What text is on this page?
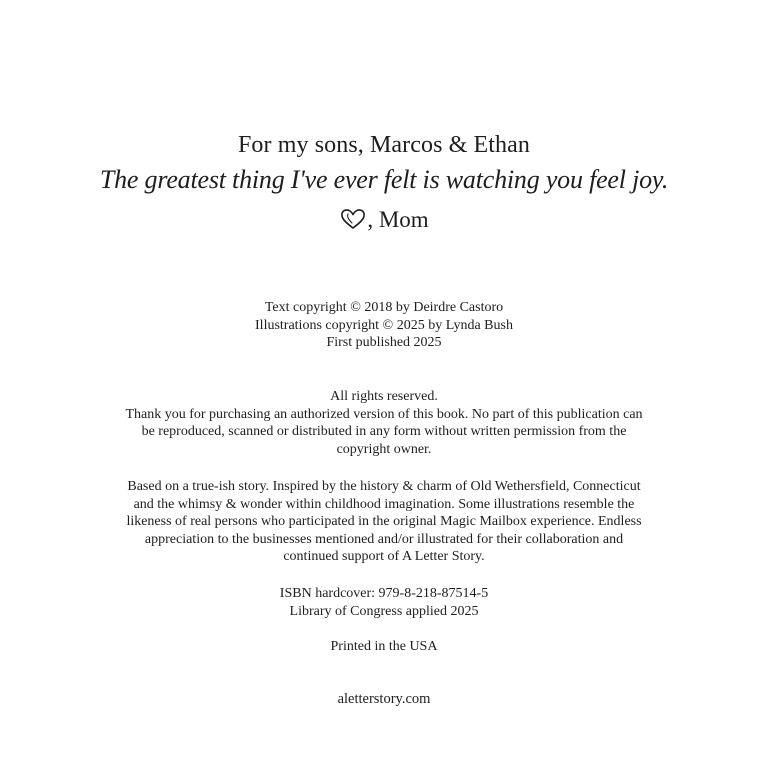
For my sons, Marcos & Ethan
The greatest thing I've ever felt is watching you feel joy.
, Mom
Text copyright © 2018 by Deirdre Castoro
Illustrations copyright © 2025 by Lynda Bush
First published 2025
All rights reserved.
Thank you for purchasing an authorized version of this book. No part of this publication can
be reproduced, scanned or distributed in any form without written permission from the
copyright owner.
Based on a true-ish story. Inspired by the history & charm of Old Wethersfield, Connecticut
and the whimsy & wonder within childhood imagination. Some illustrations resemble the
likeness of real persons who participated in the original Magic Mailbox experience. Endless
appreciation to the businesses mentioned and/or illustrated for their collaboration and
continued support of A Letter Story.
ISBN hardcover: 979-8-218-87514-5
Library of Congress applied 2025
Printed in the USA
aletterstory.com
